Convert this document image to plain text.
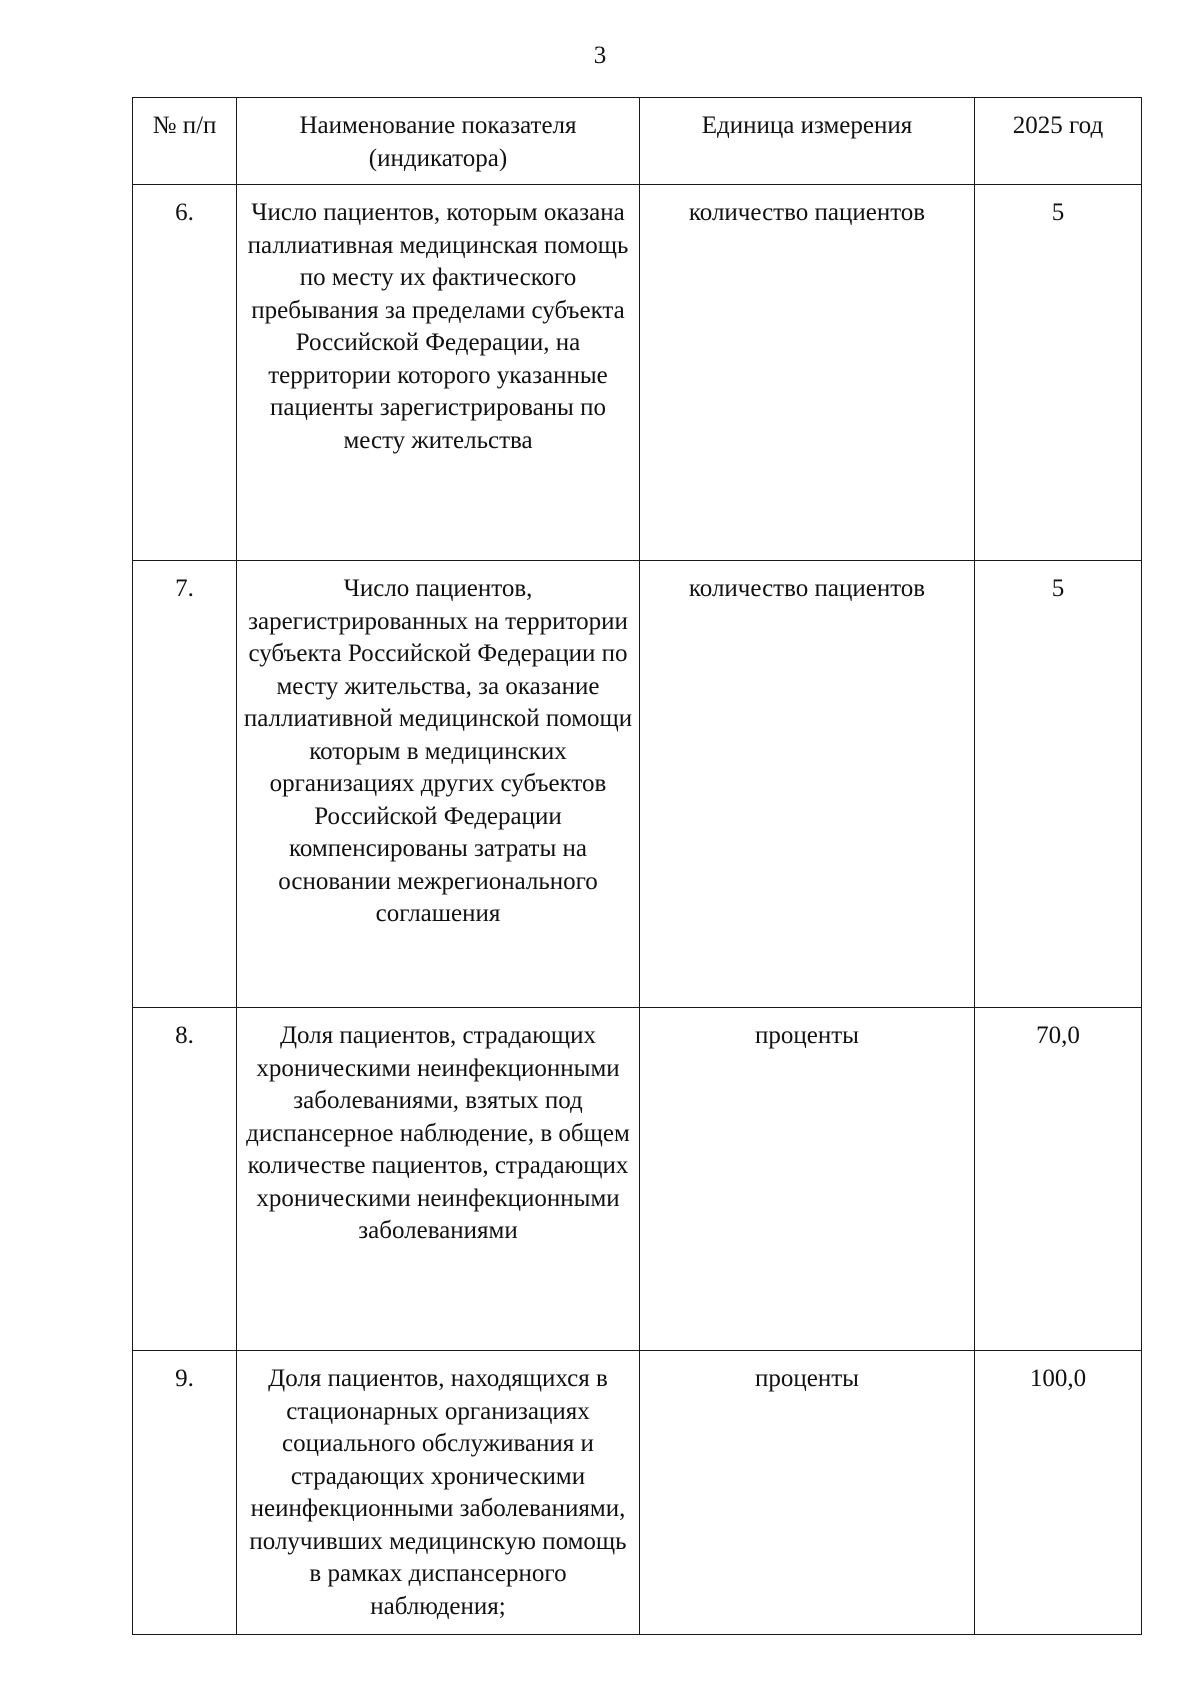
3
№ п/п	Наименование показателя (индикатора)	Единица измерения	2025 год
6.	Число пациентов, которым оказана паллиативная медицинская помощь по месту их фактического пребывания за пределами субъекта Российской Федерации, на территории которого указанные пациенты зарегистрированы по месту жительства	количество пациентов	5
7.	Число пациентов, зарегистрированных на территории субъекта Российской Федерации по месту жительства, за оказание паллиативной медицинской помощи которым в медицинских организациях других субъектов Российской Федерации компенсированы затраты на основании межрегионального соглашения	количество пациентов	5
8.	Доля пациентов, страдающих хроническими неинфекционными заболеваниями, взятых под диспансерное наблюдение, в общем количестве пациентов, страдающих хроническими неинфекционными заболеваниями	проценты	70,0
9.	Доля пациентов, находящихся в стационарных организациях социального обслуживания и страдающих хроническими неинфекционными заболеваниями, получивших медицинскую помощь в рамках диспансерного наблюдения;	проценты	100,0
